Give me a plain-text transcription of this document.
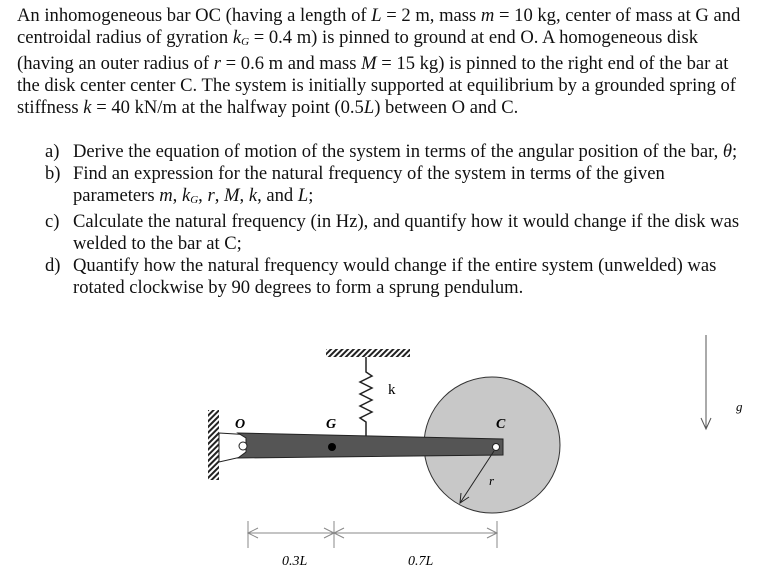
An inhomogeneous bar OC (having a length of L = 2 m, mass m = 10 kg, center of mass at G and
centroidal radius of gyration $k_G = 0.4$ m) is pinned to ground at end O. A homogeneous disk
(having an outer radius of r = 0.6 m and mass M = 15 kg) is pinned to the right end of the bar at
the disk center center C. The system is initially supported at equilibrium by a grounded spring of
stiffness k = 40 kN/m at the halfway point (0.5L) between O and C.
a) Derive the equation of motion of the system in terms of the angular position of the bar, θ;
b) Find an expression for the natural frequency of the system in terms of the given
parameters m, $k_G$, r, M, k, and L;
c) Calculate the natural frequency (in Hz), and quantify how it would change if the disk was
welded to the bar at C;
d) Quantify how the natural frequency would change if the entire system (unwelded) was
rotated clockwise by 90 degrees to form a sprung pendulum.
O	G	C
k
r
g
0.3L	0.7L
